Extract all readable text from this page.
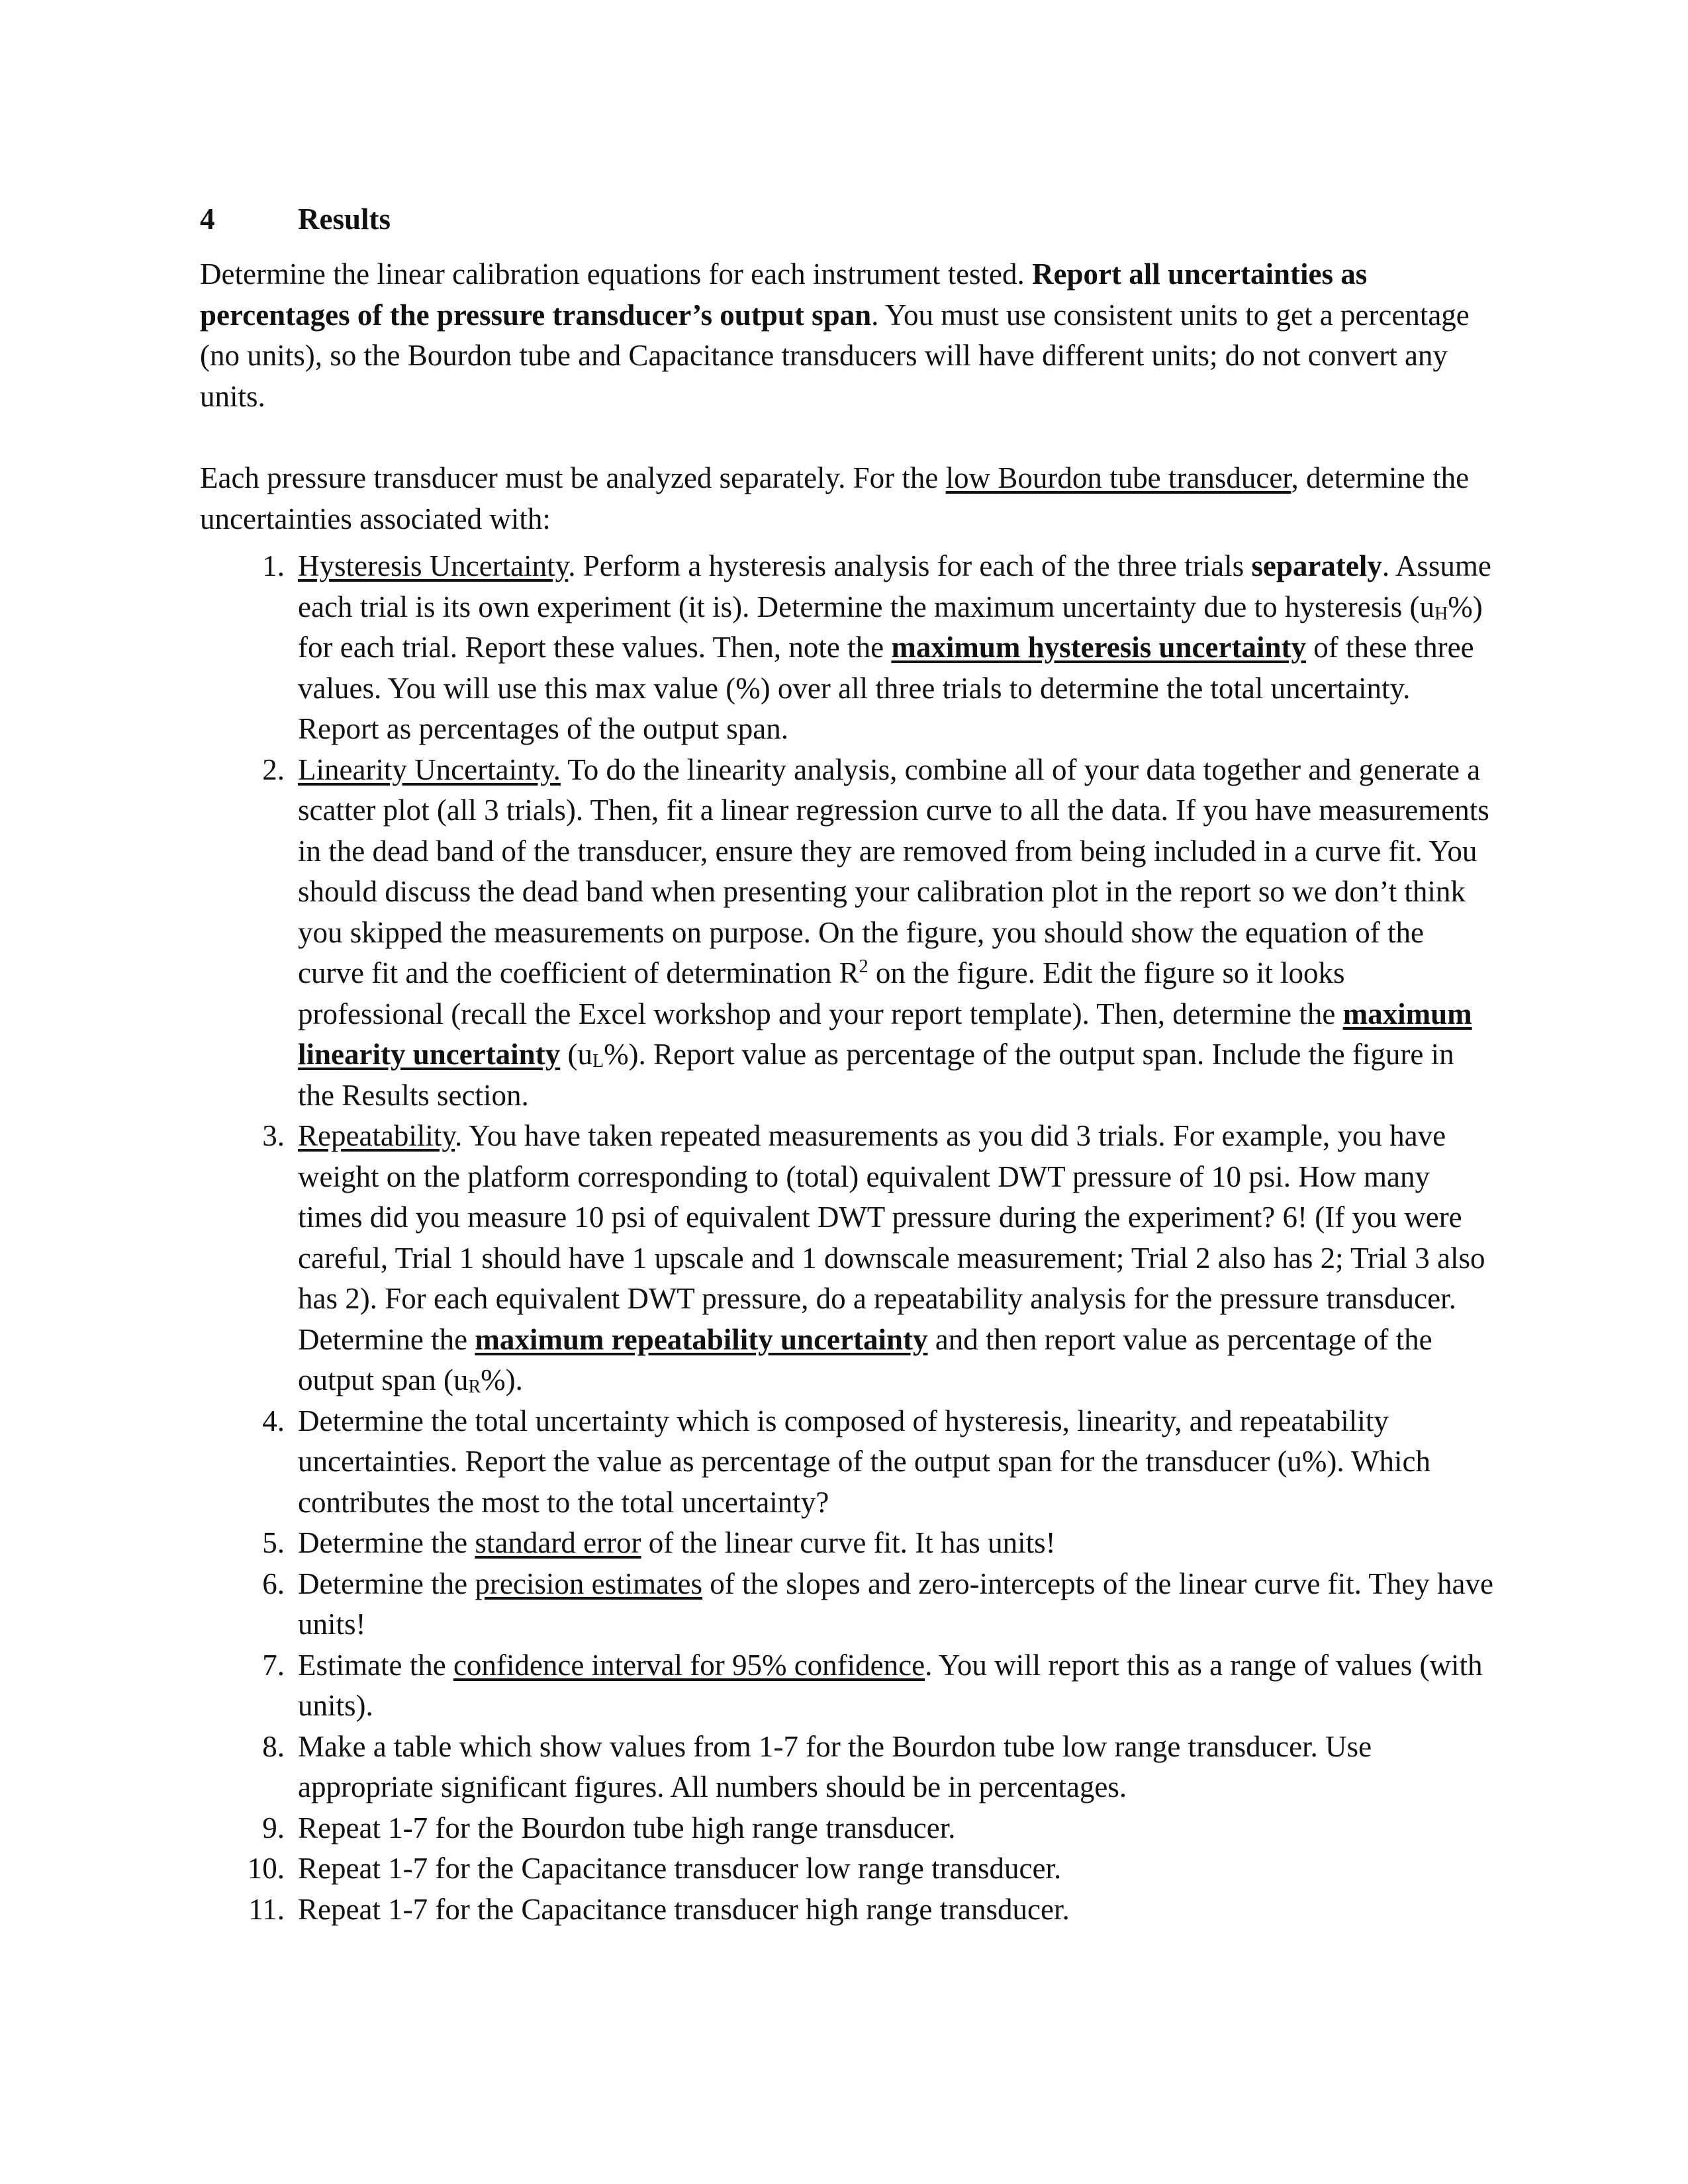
4	Results

Determine the linear calibration equations for each instrument tested. Report all uncertainties as percentages of the pressure transducer’s output span. You must use consistent units to get a percentage (no units), so the Bourdon tube and Capacitance transducers will have different units; do not convert any units.

Each pressure transducer must be analyzed separately. For the low Bourdon tube transducer, determine the uncertainties associated with:

1. Hysteresis Uncertainty. Perform a hysteresis analysis for each of the three trials separately. Assume each trial is its own experiment (it is). Determine the maximum uncertainty due to hysteresis $(u_H\%)$ for each trial. Report these values. Then, note the maximum hysteresis uncertainty of these three values. You will use this max value (%) over all three trials to determine the total uncertainty. Report as percentages of the output span.
2. Linearity Uncertainty. To do the linearity analysis, combine all of your data together and generate a scatter plot (all 3 trials). Then, fit a linear regression curve to all the data. If you have measurements in the dead band of the transducer, ensure they are removed from being included in a curve fit. You should discuss the dead band when presenting your calibration plot in the report so we don’t think you skipped the measurements on purpose. On the figure, you should show the equation of the curve fit and the coefficient of determination $R^2$ on the figure. Edit the figure so it looks professional (recall the Excel workshop and your report template). Then, determine the maximum linearity uncertainty $(u_L\%)$. Report value as percentage of the output span. Include the figure in the Results section.
3. Repeatability. You have taken repeated measurements as you did 3 trials. For example, you have weight on the platform corresponding to (total) equivalent DWT pressure of 10 psi. How many times did you measure 10 psi of equivalent DWT pressure during the experiment? 6! (If you were careful, Trial 1 should have 1 upscale and 1 downscale measurement; Trial 2 also has 2; Trial 3 also has 2). For each equivalent DWT pressure, do a repeatability analysis for the pressure transducer. Determine the maximum repeatability uncertainty and then report value as percentage of the output span $(u_R\%)$.
4. Determine the total uncertainty which is composed of hysteresis, linearity, and repeatability uncertainties. Report the value as percentage of the output span for the transducer (u%). Which contributes the most to the total uncertainty?
5. Determine the standard error of the linear curve fit. It has units!
6. Determine the precision estimates of the slopes and zero-intercepts of the linear curve fit. They have units!
7. Estimate the confidence interval for 95% confidence. You will report this as a range of values (with units).
8. Make a table which show values from 1-7 for the Bourdon tube low range transducer. Use appropriate significant figures. All numbers should be in percentages.
9. Repeat 1-7 for the Bourdon tube high range transducer.
10. Repeat 1-7 for the Capacitance transducer low range transducer.
11. Repeat 1-7 for the Capacitance transducer high range transducer.
